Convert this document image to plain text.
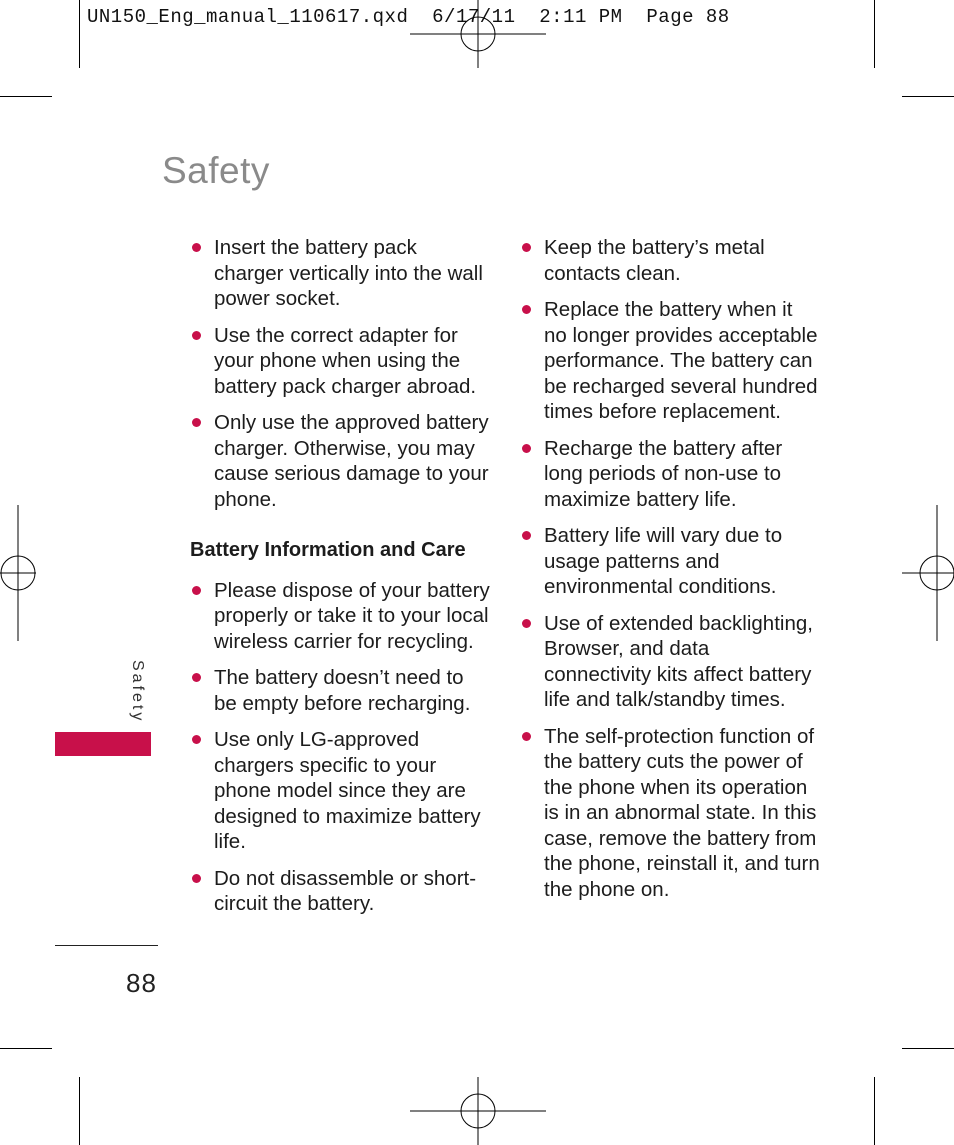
UN150_Eng_manual_110617.qxd  6/17/11  2:11 PM  Page 88
Safety
Insert the battery pack charger vertically into the wall power socket.
Use the correct adapter for your phone when using the battery pack charger abroad.
Only use the approved battery charger. Otherwise, you may cause serious damage to your phone.
Battery Information and Care
Please dispose of your battery properly or take it to your local wireless carrier for recycling.
The battery doesn’t need to be empty before recharging.
Use only LG-approved chargers specific to your phone model since they are designed to maximize battery life.
Do not disassemble or short-circuit the battery.
Keep the battery’s metal contacts clean.
Replace the battery when it no longer provides acceptable performance. The battery can be recharged several hundred times before replacement.
Recharge the battery after long periods of non-use to maximize battery life.
Battery life will vary due to usage patterns and environmental conditions.
Use of extended backlighting, Browser, and data connectivity kits affect battery life and talk/standby times.
The self-protection function of the battery cuts the power of the phone when its operation is in an abnormal state. In this case, remove the battery from the phone, reinstall it, and turn the phone on.
Safety
88
